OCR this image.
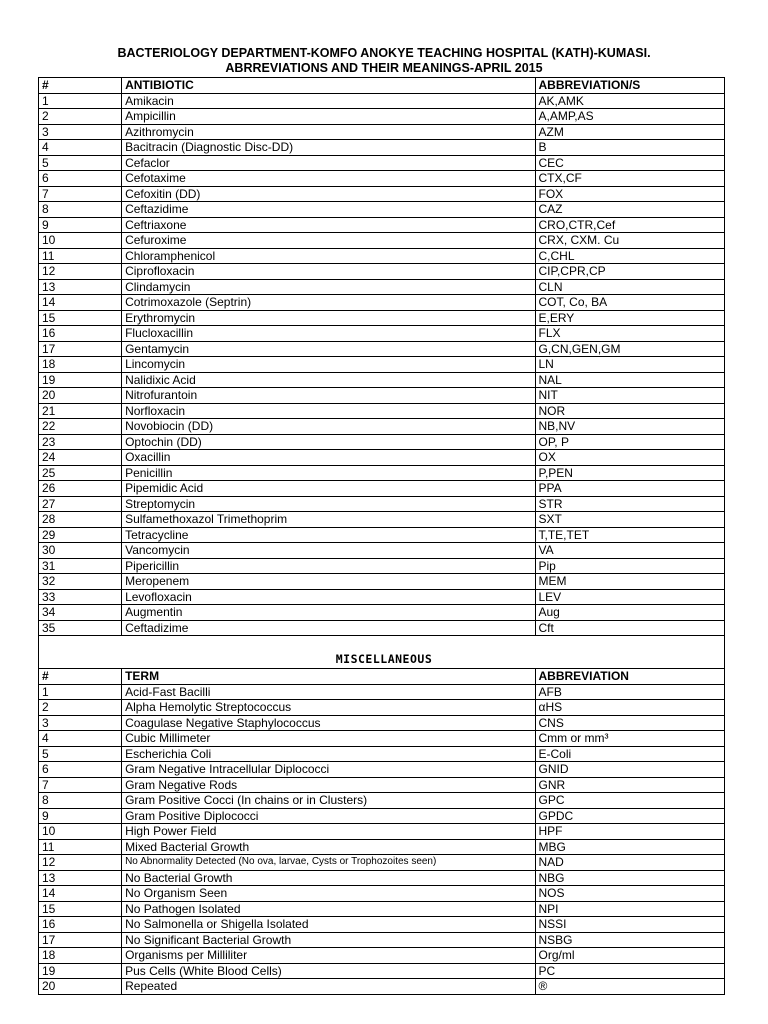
BACTERIOLOGY DEPARTMENT-KOMFO ANOKYE TEACHING HOSPITAL (KATH)-KUMASI.
ABRREVIATIONS AND THEIR MEANINGS-APRIL 2015
#	ANTIBIOTIC	ABBREVIATION/S
1	Amikacin	AK,AMK
2	Ampicillin	A,AMP,AS
3	Azithromycin	AZM
4	Bacitracin (Diagnostic Disc-DD)	B
5	Cefaclor	CEC
6	Cefotaxime	CTX,CF
7	Cefoxitin (DD)	FOX
8	Ceftazidime	CAZ
9	Ceftriaxone	CRO,CTR,Cef
10	Cefuroxime	CRX, CXM. Cu
11	Chloramphenicol	C,CHL
12	Ciprofloxacin	CIP,CPR,CP
13	Clindamycin	CLN
14	Cotrimoxazole (Septrin)	COT, Co, BA
15	Erythromycin	E,ERY
16	Flucloxacillin	FLX
17	Gentamycin	G,CN,GEN,GM
18	Lincomycin	LN
19	Nalidixic Acid	NAL
20	Nitrofurantoin	NIT
21	Norfloxacin	NOR
22	Novobiocin (DD)	NB,NV
23	Optochin (DD)	OP, P
24	Oxacillin	OX
25	Penicillin	P,PEN
26	Pipemidic Acid	PPA
27	Streptomycin	STR
28	Sulfamethoxazol Trimethoprim	SXT
29	Tetracycline	T,TE,TET
30	Vancomycin	VA
31	Pipericillin	Pip
32	Meropenem	MEM
33	Levofloxacin	LEV
34	Augmentin	Aug
35	Ceftadizime	Cft
MISCELLANEOUS
#	TERM	ABBREVIATION
1	Acid-Fast Bacilli	AFB
2	Alpha Hemolytic Streptococcus	αHS
3	Coagulase Negative Staphylococcus	CNS
4	Cubic Millimeter	Cmm or mm³
5	Escherichia Coli	E-Coli
6	Gram Negative Intracellular Diplococci	GNID
7	Gram Negative Rods	GNR
8	Gram Positive Cocci (In chains or in Clusters)	GPC
9	Gram Positive Diplococci	GPDC
10	High Power Field	HPF
11	Mixed Bacterial Growth	MBG
12	No Abnormality Detected (No ova, larvae, Cysts or Trophozoites seen)	NAD
13	No Bacterial Growth	NBG
14	No Organism Seen	NOS
15	No Pathogen Isolated	NPI
16	No Salmonella or Shigella Isolated	NSSI
17	No Significant Bacterial Growth	NSBG
18	Organisms per Milliliter	Org/ml
19	Pus Cells (White Blood Cells)	PC
20	Repeated	®
